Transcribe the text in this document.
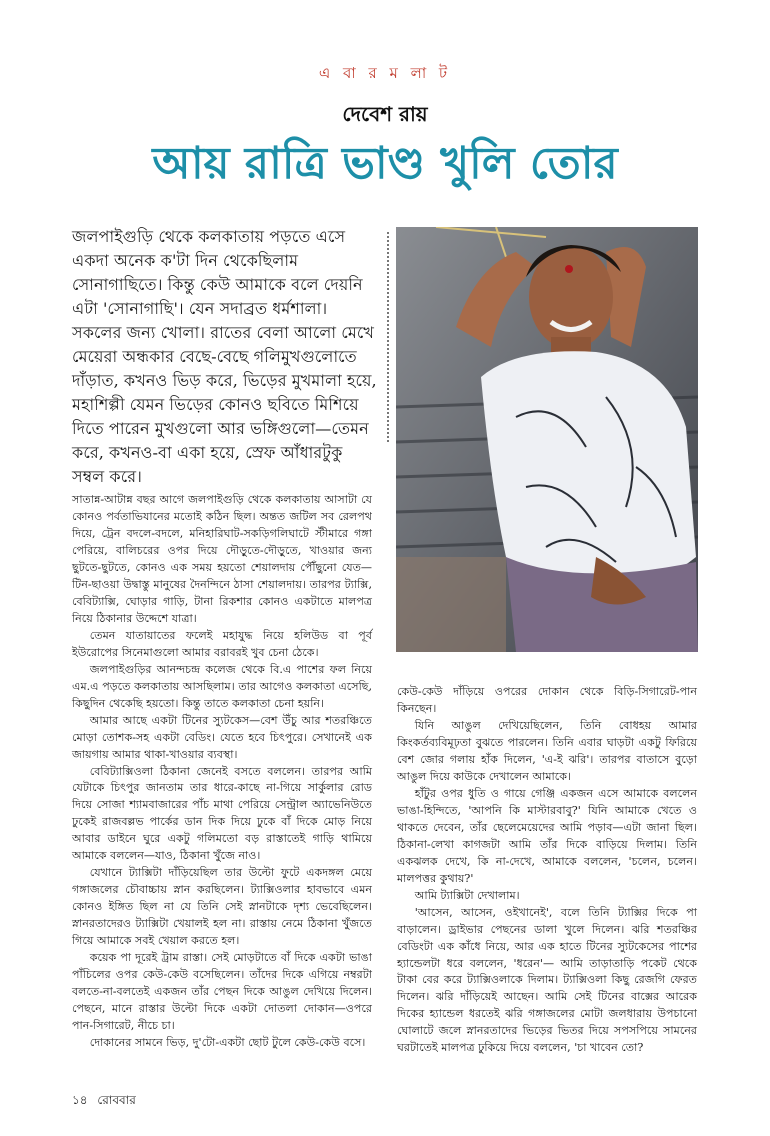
এ বা র ম লা ট
দেবেশ রায়
আয় রাত্রি ভাণ্ড খুলি তোর

জলপাইগুড়ি থেকে কলকাতায় পড়তে এসে একদা অনেক ক'টা দিন থেকেছিলাম সোনাগাছিতে। কিন্তু কেউ আমাকে বলে দেয়নি এটা 'সোনাগাছি'। যেন সদাব্রত ধর্মশালা। সকলের জন্য খোলা। রাতের বেলা আলো মেখে মেয়েরা অন্ধকার বেছে-বেছে গলিমুখগুলোতে দাঁড়াত, কখনও ভিড় করে, ভিড়ের মুখমালা হয়ে, মহাশিল্পী যেমন ভিড়ের কোনও ছবিতে মিশিয়ে দিতে পারেন মুখগুলো আর ভঙ্গিগুলো—তেমন করে, কখনও-বা একা হয়ে, স্রেফ আঁধারটুকু সম্বল করে।

সাতান্ন-আটান্ন বছর আগে জলপাইগুড়ি থেকে কলকাতায় আসাটা যে কোনও পর্বতাভিযানের মতোই কঠিন ছিল। অন্তত জটিল সব রেলপথ দিয়ে, ট্রেন বদলে-বদলে, মনিহারিঘাট-সকড়িগলিঘাটে স্টীমারে গঙ্গা পেরিয়ে, বালিচরের ওপর দিয়ে দৌড়ুতে-দৌড়ুতে, খাওয়ার জন্য ছুটতে-ছুটতে, কোনও এক সময় হয়তো শেয়ালদায় পৌঁছুনো যেত—টিন-ছাওয়া উদ্বাস্তু মানুষের দৈনন্দিনে ঠাসা শেয়ালদায়। তারপর ট্যাক্সি, বেবিট্যাক্সি, ঘোড়ার গাড়ি, টানা রিকশার কোনও একটাতে মালপত্র নিয়ে ঠিকানার উদ্দেশে যাত্রা।

তেমন যাতায়াতের ফলেই মহাযুদ্ধ নিয়ে হলিউড বা পূর্ব ইউরোপের সিনেমাগুলো আমার বরাবরই খুব চেনা ঠেকে।

জলপাইগুড়ির আনন্দচন্দ্র কলেজ থেকে বি.এ পাশের ফল নিয়ে এম.এ পড়তে কলকাতায় আসছিলাম। তার আগেও কলকাতা এসেছি, কিছুদিন থেকেছি হয়তো। কিন্তু তাতে কলকাতা চেনা হয়নি।

আমার আছে একটা টিনের স্যুটকেস—বেশ উঁচু আর শতরঞ্চিতে মোড়া তোশক-সহ একটা বেডিং। যেতে হবে চিৎপুরে। সেখানেই এক জায়গায় আমার থাকা-খাওয়ার ব্যবস্থা।

বেবিট্যাক্সিওলা ঠিকানা জেনেই বসতে বললেন। তারপর আমি যেটাকে চিৎপুর জানতাম তার ধারে-কাছে না-গিয়ে সার্কুলার রোড দিয়ে সোজা শ্যামবাজারের পাঁচ মাথা পেরিয়ে সেন্ট্রাল অ্যাভেনিউতে ঢুকেই রাজবল্লভ পার্কের ডান দিক দিয়ে ঢুকে বাঁ দিকে মোড় নিয়ে আবার ডাইনে ঘুরে একটু গলিমতো বড় রাস্তাতেই গাড়ি থামিয়ে আমাকে বললেন—যাও, ঠিকানা খুঁজে নাও।

যেখানে ট্যাক্সিটা দাঁড়িয়েছিল তার উল্টো ফুটে একদঙ্গল মেয়ে গঙ্গাজলের চৌবাচ্চায় স্নান করছিলেন। ট্যাক্সিওলার হাবভাবে এমন কোনও ইঙ্গিত ছিল না যে তিনি সেই স্নানটাকে দৃশ্য ভেবেছিলেন। স্নানরতাদেরও ট্যাক্সিটা খেয়ালই হল না। রাস্তায় নেমে ঠিকানা খুঁজতে গিয়ে আমাকে সবই খেয়াল করতে হল।

কয়েক পা দূরেই ট্রাম রাস্তা। সেই মোড়টাতে বাঁ দিকে একটা ভাঙা পাঁচিলের ওপর কেউ-কেউ বসেছিলেন। তাঁদের দিকে এগিয়ে নম্বরটা বলতে-না-বলতেই একজন তাঁর পেছন দিকে আঙুল দেখিয়ে দিলেন। পেছনে, মানে রাস্তার উল্টো দিকে একটা দোতলা দোকান—ওপরে পান-সিগারেট, নীচে চা।

দোকানের সামনে ভিড়, দু'টো-একটা ছোট টুলে কেউ-কেউ বসে।

কেউ-কেউ দাঁড়িয়ে ওপরের দোকান থেকে বিড়ি-সিগারেট-পান কিনছেন।

যিনি আঙুল দেখিয়েছিলেন, তিনি বোধহয় আমার কিংকর্তব্যবিমূঢ়তা বুঝতে পারলেন। তিনি এবার ঘাড়টা একটু ফিরিয়ে বেশ জোর গলায় হাঁক দিলেন, 'এ-ই ঝরি'। তারপর বাতাসে বুড়ো আঙুল দিয়ে কাউকে দেখালেন আমাকে।

হাঁটুর ওপর ধুতি ও গায়ে গেঞ্জি একজন এসে আমাকে বললেন ভাঙা-হিন্দিতে, 'আপনি কি মাস্টারবাবু?' যিনি আমাকে খেতে ও থাকতে দেবেন, তাঁর ছেলেমেয়েদের আমি পড়াব—এটা জানা ছিল। ঠিকানা-লেখা কাগজটা আমি তাঁর দিকে বাড়িয়ে দিলাম। তিনি একঝলক দেখে, কি না-দেখে, আমাকে বললেন, 'চলেন, চলেন। মালপত্তর কুথায়?'

আমি ট্যাক্সিটা দেখালাম।

'আসেন, আসেন, ওইখানেই', বলে তিনি ট্যাক্সির দিকে পা বাড়ালেন। ড্রাইভার পেছনের ডালা খুলে দিলেন। ঝরি শতরঞ্চির বেডিংটা এক কাঁধে নিয়ে, আর এক হাতে টিনের স্যুটকেসের পাশের হ্যান্ডেলটা ধরে বললেন, 'ধরেন'— আমি তাড়াতাড়ি পকেট থেকে টাকা বের করে ট্যাক্সিওলাকে দিলাম। ট্যাক্সিওলা কিছু রেজগি ফেরত দিলেন। ঝরি দাঁড়িয়েই আছেন। আমি সেই টিনের বাক্সের আরেক দিকের হ্যান্ডেল ধরতেই ঝরি গঙ্গাজলের মোটা জলধারায় উপচানো ঘোলাটে জলে স্নানরতাদের ভিড়ের ভিতর দিয়ে সপসপিয়ে সামনের ঘরটাতেই মালপত্র ঢুকিয়ে দিয়ে বললেন, 'চা খাবেন তো?

১৪ রোববার
